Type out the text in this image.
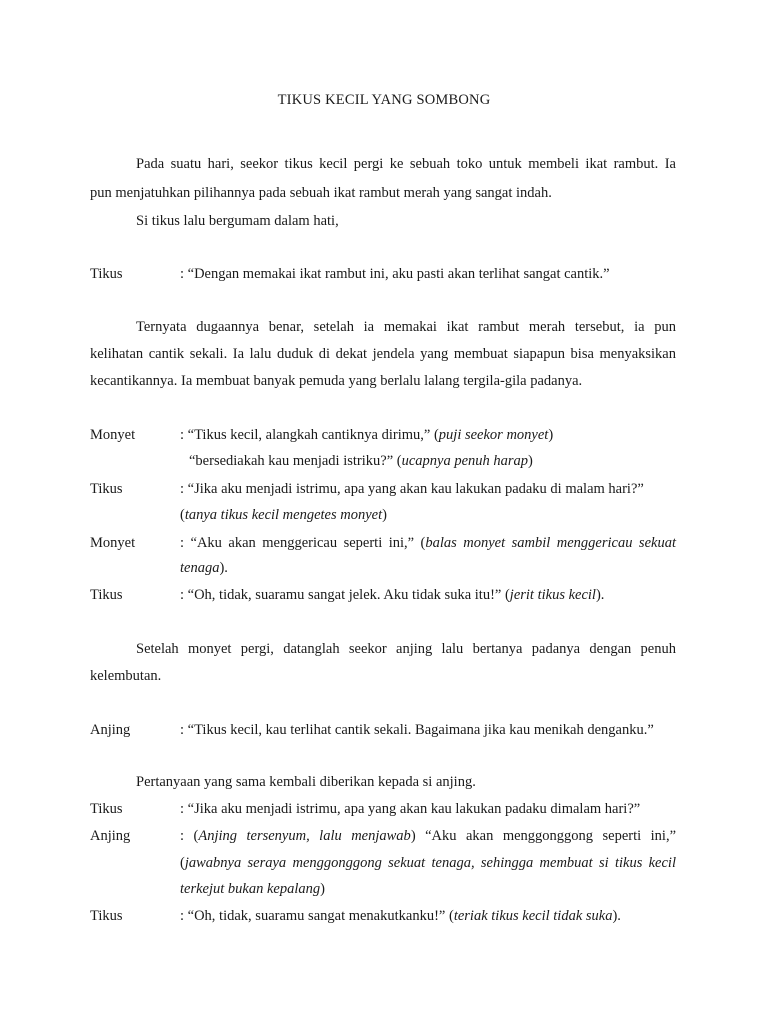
TIKUS KECIL YANG SOMBONG
Pada suatu hari, seekor tikus kecil pergi ke sebuah toko untuk membeli ikat rambut. Ia
pun menjatuhkan pilihannya pada sebuah ikat rambut merah yang sangat indah.
Si tikus lalu bergumam dalam hati,
Tikus	: “Dengan memakai ikat rambut ini, aku pasti akan terlihat sangat cantik.”
Ternyata dugaannya benar, setelah ia memakai ikat rambut merah tersebut, ia pun
kelihatan cantik sekali. Ia lalu duduk di dekat jendela yang membuat siapapun bisa menyaksikan
kecantikannya. Ia membuat banyak pemuda yang berlalu lalang tergila-gila padanya.
Monyet	: “Tikus kecil, alangkah cantiknya dirimu,” (puji seekor monyet)
“bersediakah kau menjadi istriku?” (ucapnya penuh harap)
Tikus	: “Jika aku menjadi istrimu, apa yang akan kau lakukan padaku di malam hari?”
(tanya tikus kecil mengetes monyet)
Monyet	: “Aku akan menggericau seperti ini,” (balas monyet sambil menggericau sekuat
tenaga).
Tikus	: “Oh, tidak, suaramu sangat jelek. Aku tidak suka itu!” (jerit tikus kecil).
Setelah monyet pergi, datanglah seekor anjing lalu bertanya padanya dengan penuh
kelembutan.
Anjing	: “Tikus kecil, kau terlihat cantik sekali. Bagaimana jika kau menikah denganku.”
Pertanyaan yang sama kembali diberikan kepada si anjing.
Tikus	: “Jika aku menjadi istrimu, apa yang akan kau lakukan padaku dimalam hari?”
Anjing	: (Anjing tersenyum, lalu menjawab) “Aku akan menggonggong seperti ini,”
(jawabnya seraya menggonggong sekuat tenaga, sehingga membuat si tikus kecil
terkejut bukan kepalang)
Tikus	: “Oh, tidak, suaramu sangat menakutkanku!” (teriak tikus kecil tidak suka).
